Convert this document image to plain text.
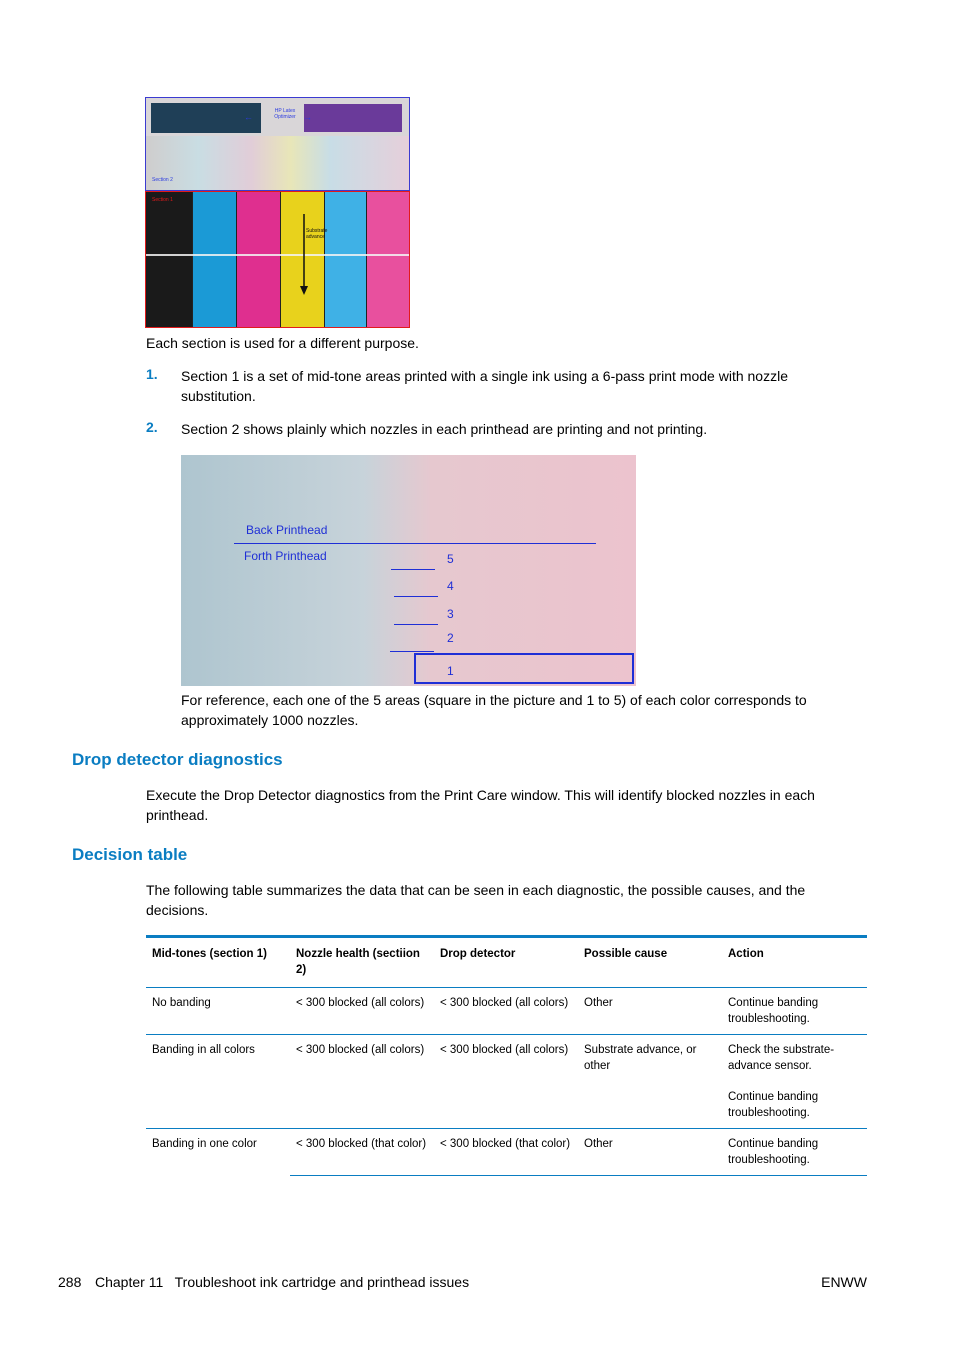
HP Latex Optimizer
←	→
Section 2
Section 1
Substrate advance
Each section is used for a different purpose.
1. Section 1 is a set of mid-tone areas printed with a single ink using a 6-pass print mode with nozzle substitution.
2. Section 2 shows plainly which nozzles in each printhead are printing and not printing.
Back Printhead
Forth Printhead	5
4
3
2
1
For reference, each one of the 5 areas (square in the picture and 1 to 5) of each color corresponds to approximately 1000 nozzles.
Drop detector diagnostics
Execute the Drop Detector diagnostics from the Print Care window. This will identify blocked nozzles in each printhead.
Decision table
The following table summarizes the data that can be seen in each diagnostic, the possible causes, and the decisions.
Mid-tones (section 1)	Nozzle health (sectiion 2)	Drop detector	Possible cause	Action
No banding	< 300 blocked (all colors)	< 300 blocked (all colors)	Other	Continue banding troubleshooting.
Banding in all colors	< 300 blocked (all colors)	< 300 blocked (all colors)	Substrate advance, or other	Check the substrate-advance sensor.

Continue banding troubleshooting.

Banding in one color	< 300 blocked (that color)	< 300 blocked (that color)	Other	Continue banding troubleshooting.
288 Chapter 11   Troubleshoot ink cartridge and printhead issues	ENWW
